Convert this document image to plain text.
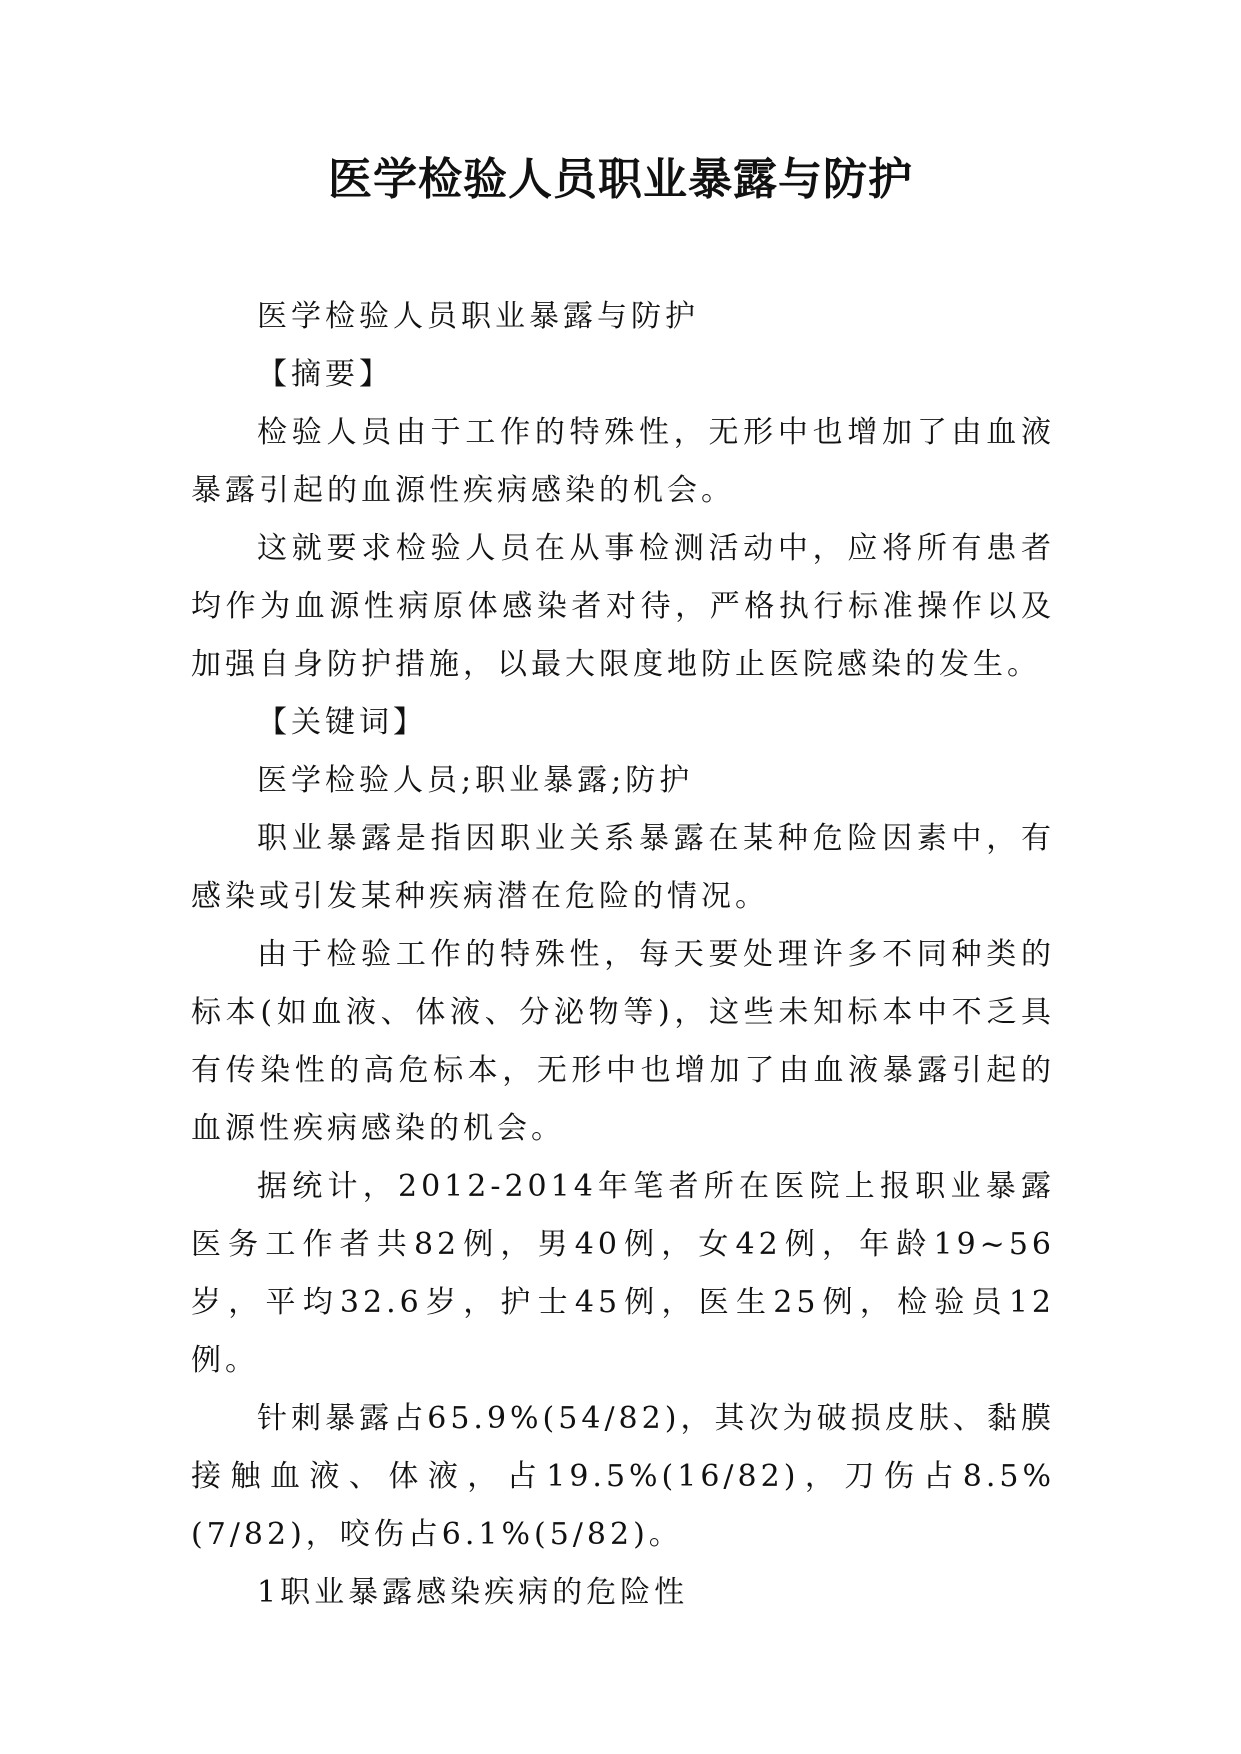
医学检验人员职业暴露与防护

医学检验人员职业暴露与防护

【摘要】

检验人员由于工作的特殊性，无形中也增加了由血液暴露引起的血源性疾病感染的机会。

这就要求检验人员在从事检测活动中，应将所有患者均作为血源性病原体感染者对待，严格执行标准操作以及加强自身防护措施，以最大限度地防止医院感染的发生。

【关键词】

医学检验人员;职业暴露;防护

职业暴露是指因职业关系暴露在某种危险因素中，有感染或引发某种疾病潜在危险的情况。

由于检验工作的特殊性，每天要处理许多不同种类的标本(如血液、体液、分泌物等)，这些未知标本中不乏具有传染性的高危标本，无形中也增加了由血液暴露引起的血源性疾病感染的机会。

据统计，2012-2014年笔者所在医院上报职业暴露医务工作者共82例，男40例，女42例，年龄19~56岁，平均32.6岁，护士45例，医生25例，检验员12例。

针刺暴露占65.9%(54/82)，其次为破损皮肤、黏膜接触血液、体液，占19.5%(16/82)，刀伤占8.5%(7/82)，咬伤占6.1%(5/82)。

1职业暴露感染疾病的危险性
